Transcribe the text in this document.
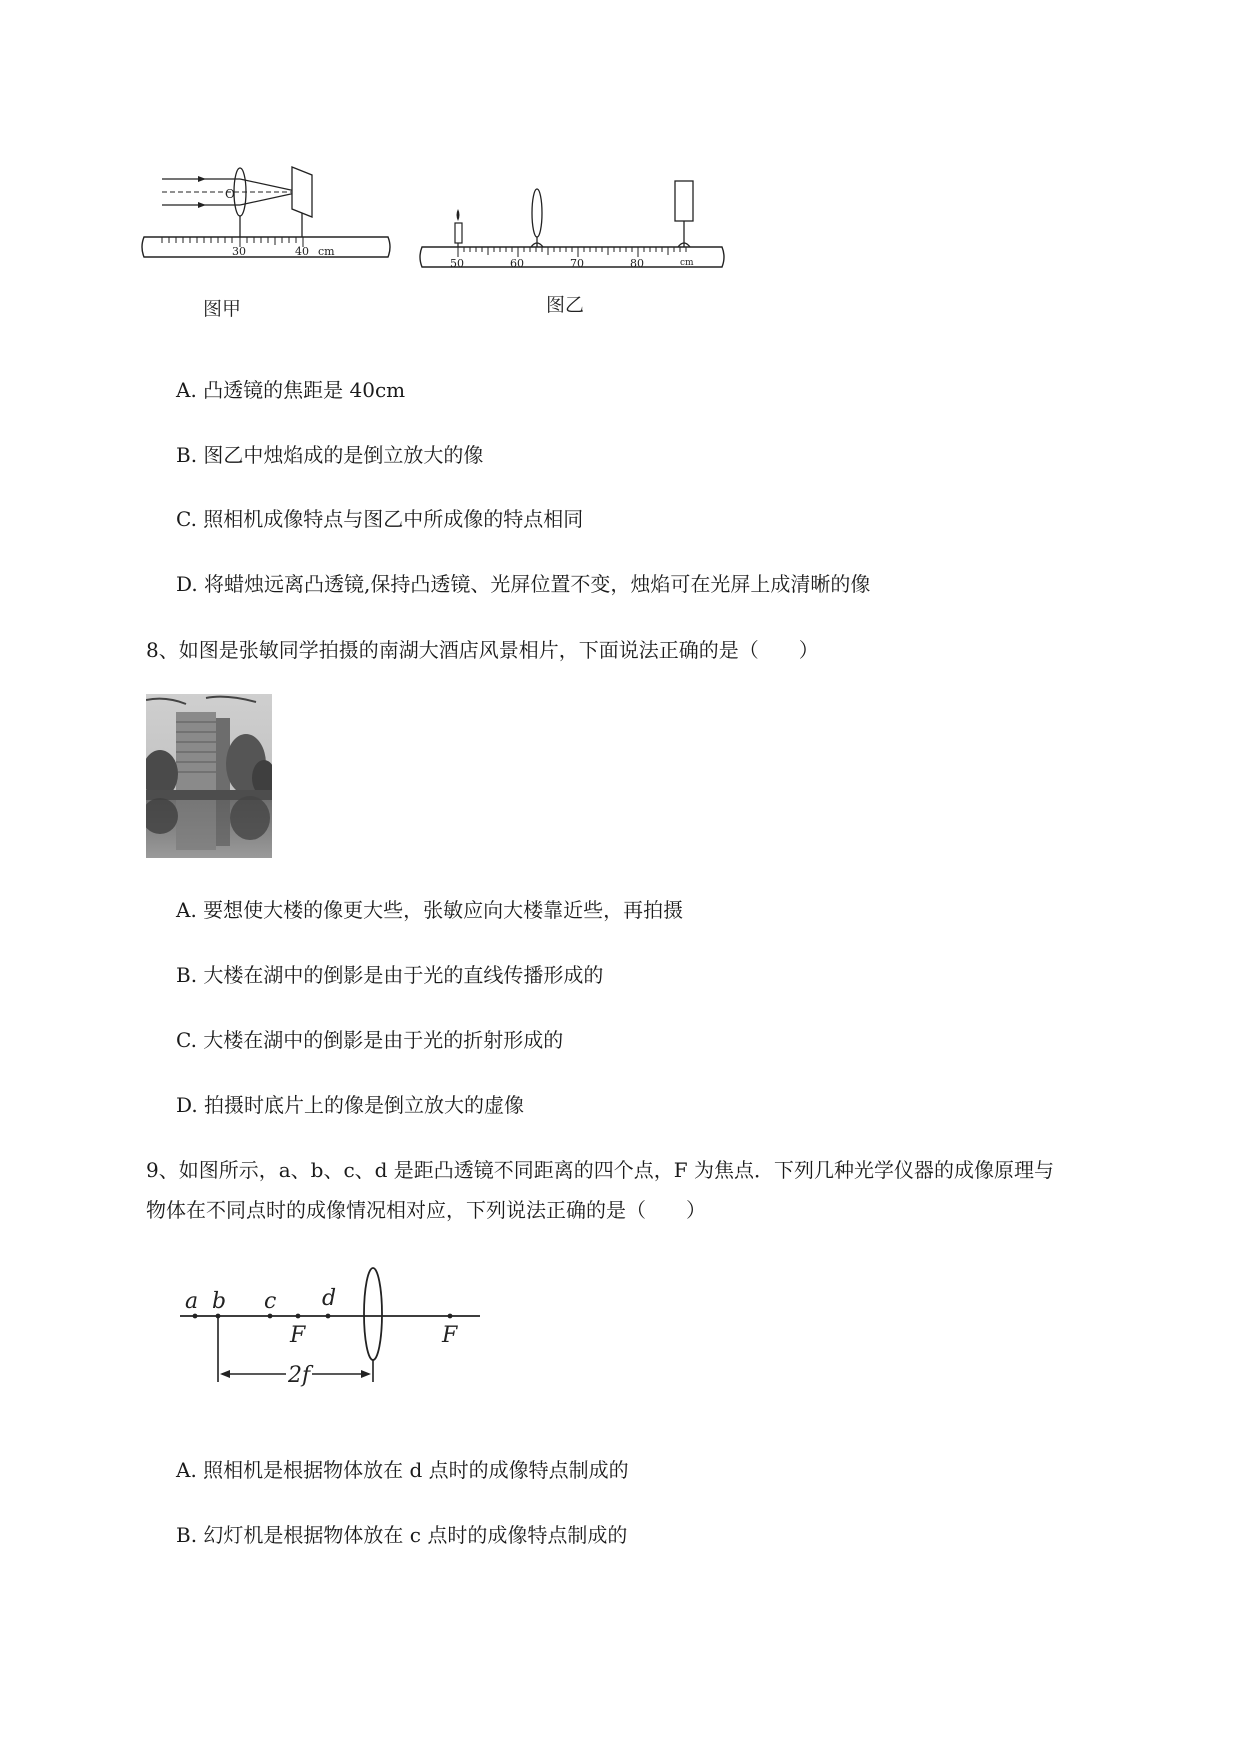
O
30	40 cm
图甲
50	60	70	80	cm
图乙
A. 凸透镜的焦距是 40cm
B. 图乙中烛焰成的是倒立放大的像
C. 照相机成像特点与图乙中所成像的特点相同
D. 将蜡烛远离凸透镜,保持凸透镜、光屏位置不变，烛焰可在光屏上成清晰的像
8、如图是张敏同学拍摄的南湖大酒店风景相片，下面说法正确的是（　　）
A. 要想使大楼的像更大些，张敏应向大楼靠近些，再拍摄
B. 大楼在湖中的倒影是由于光的直线传播形成的
C. 大楼在湖中的倒影是由于光的折射形成的
D. 拍摄时底片上的像是倒立放大的虚像
9、如图所示，a、b、c、d 是距凸透镜不同距离的四个点，F 为焦点．下列几种光学仪器的成像原理与
物体在不同点时的成像情况相对应，下列说法正确的是（　　）
a b c d
F	F
2f
A. 照相机是根据物体放在 d 点时的成像特点制成的
B. 幻灯机是根据物体放在 c 点时的成像特点制成的
